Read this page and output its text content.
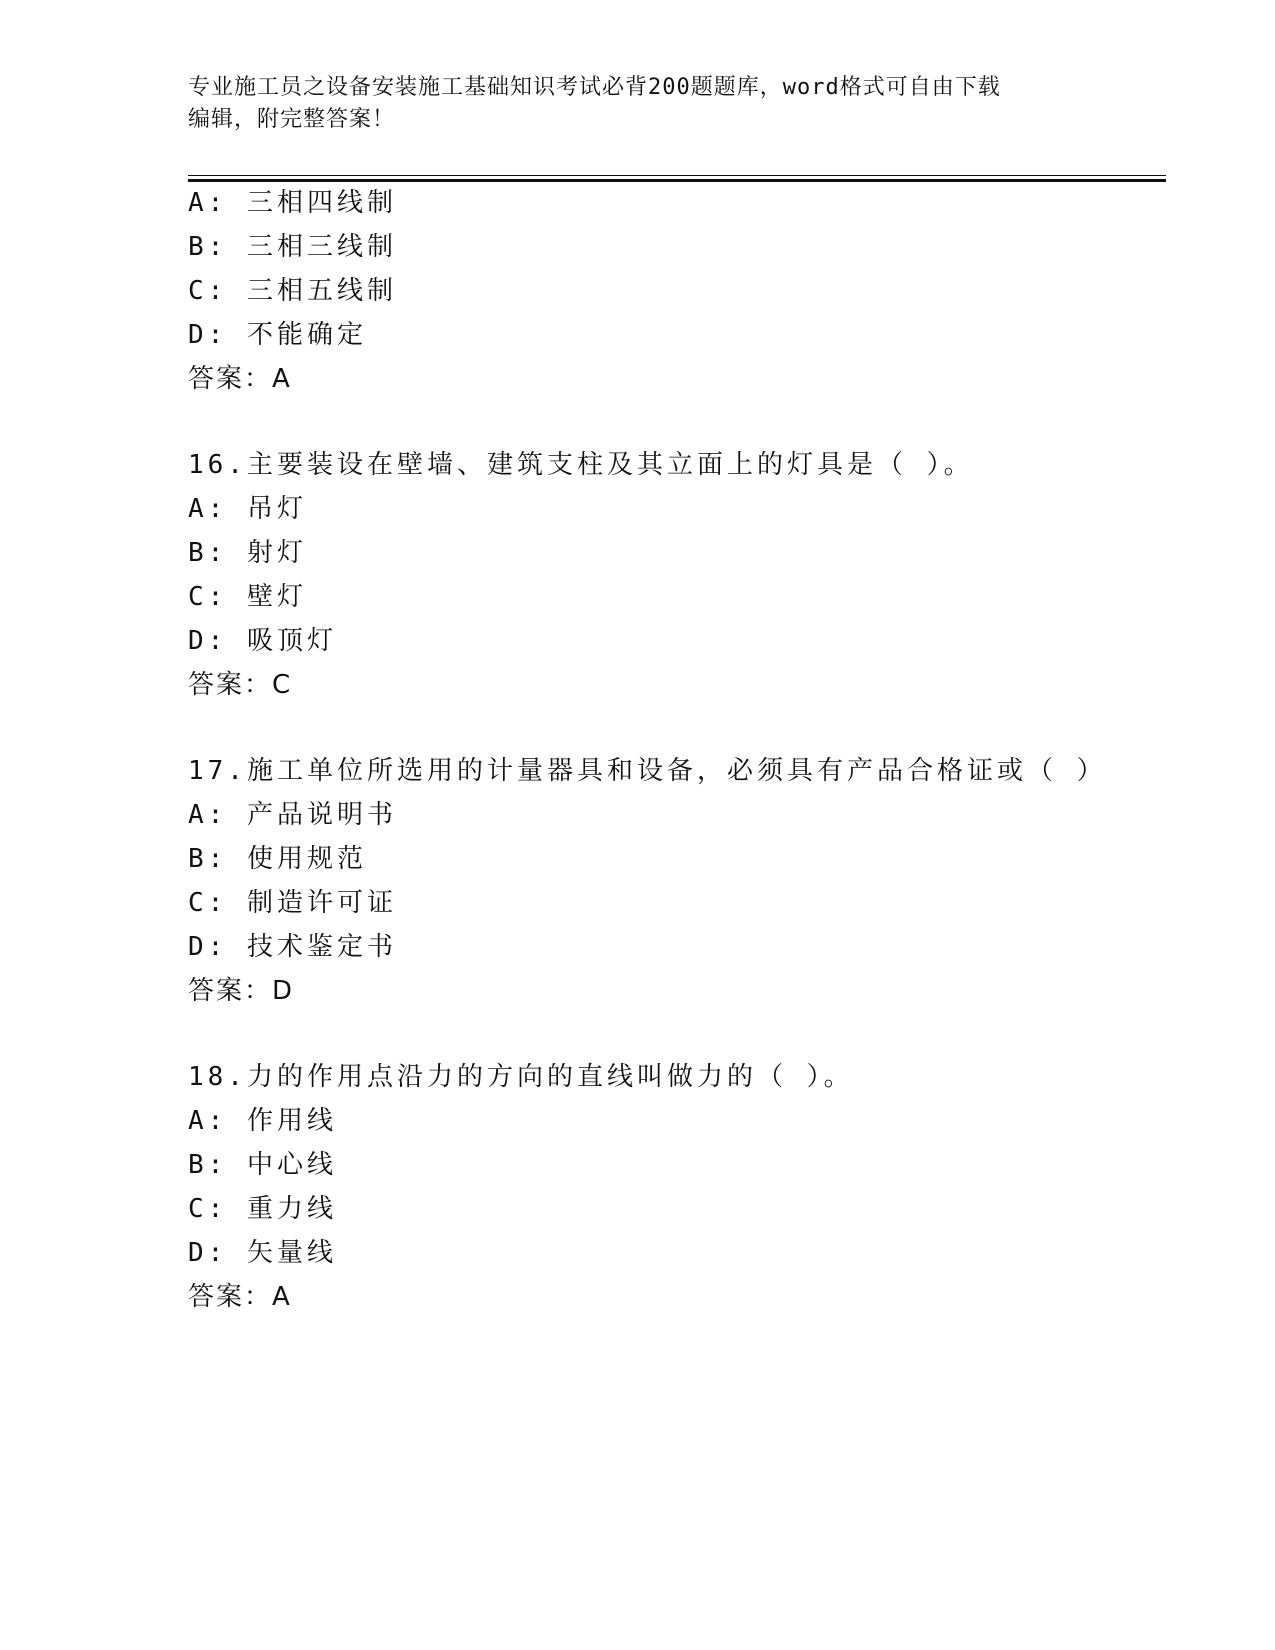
专业施工员之设备安装施工基础知识考试必背200题题库，word格式可自由下载
编辑，附完整答案！
A: 三相四线制
B: 三相三线制
C: 三相五线制
D: 不能确定
答案：A
16.主要装设在壁墙、建筑支柱及其立面上的灯具是（ ）。
A: 吊灯
B: 射灯
C: 壁灯
D: 吸顶灯
答案：C
17.施工单位所选用的计量器具和设备，必须具有产品合格证或（ ）
A: 产品说明书
B: 使用规范
C: 制造许可证
D: 技术鉴定书
答案：D
18.力的作用点沿力的方向的直线叫做力的（ ）。
A: 作用线
B: 中心线
C: 重力线
D: 矢量线
答案：A
